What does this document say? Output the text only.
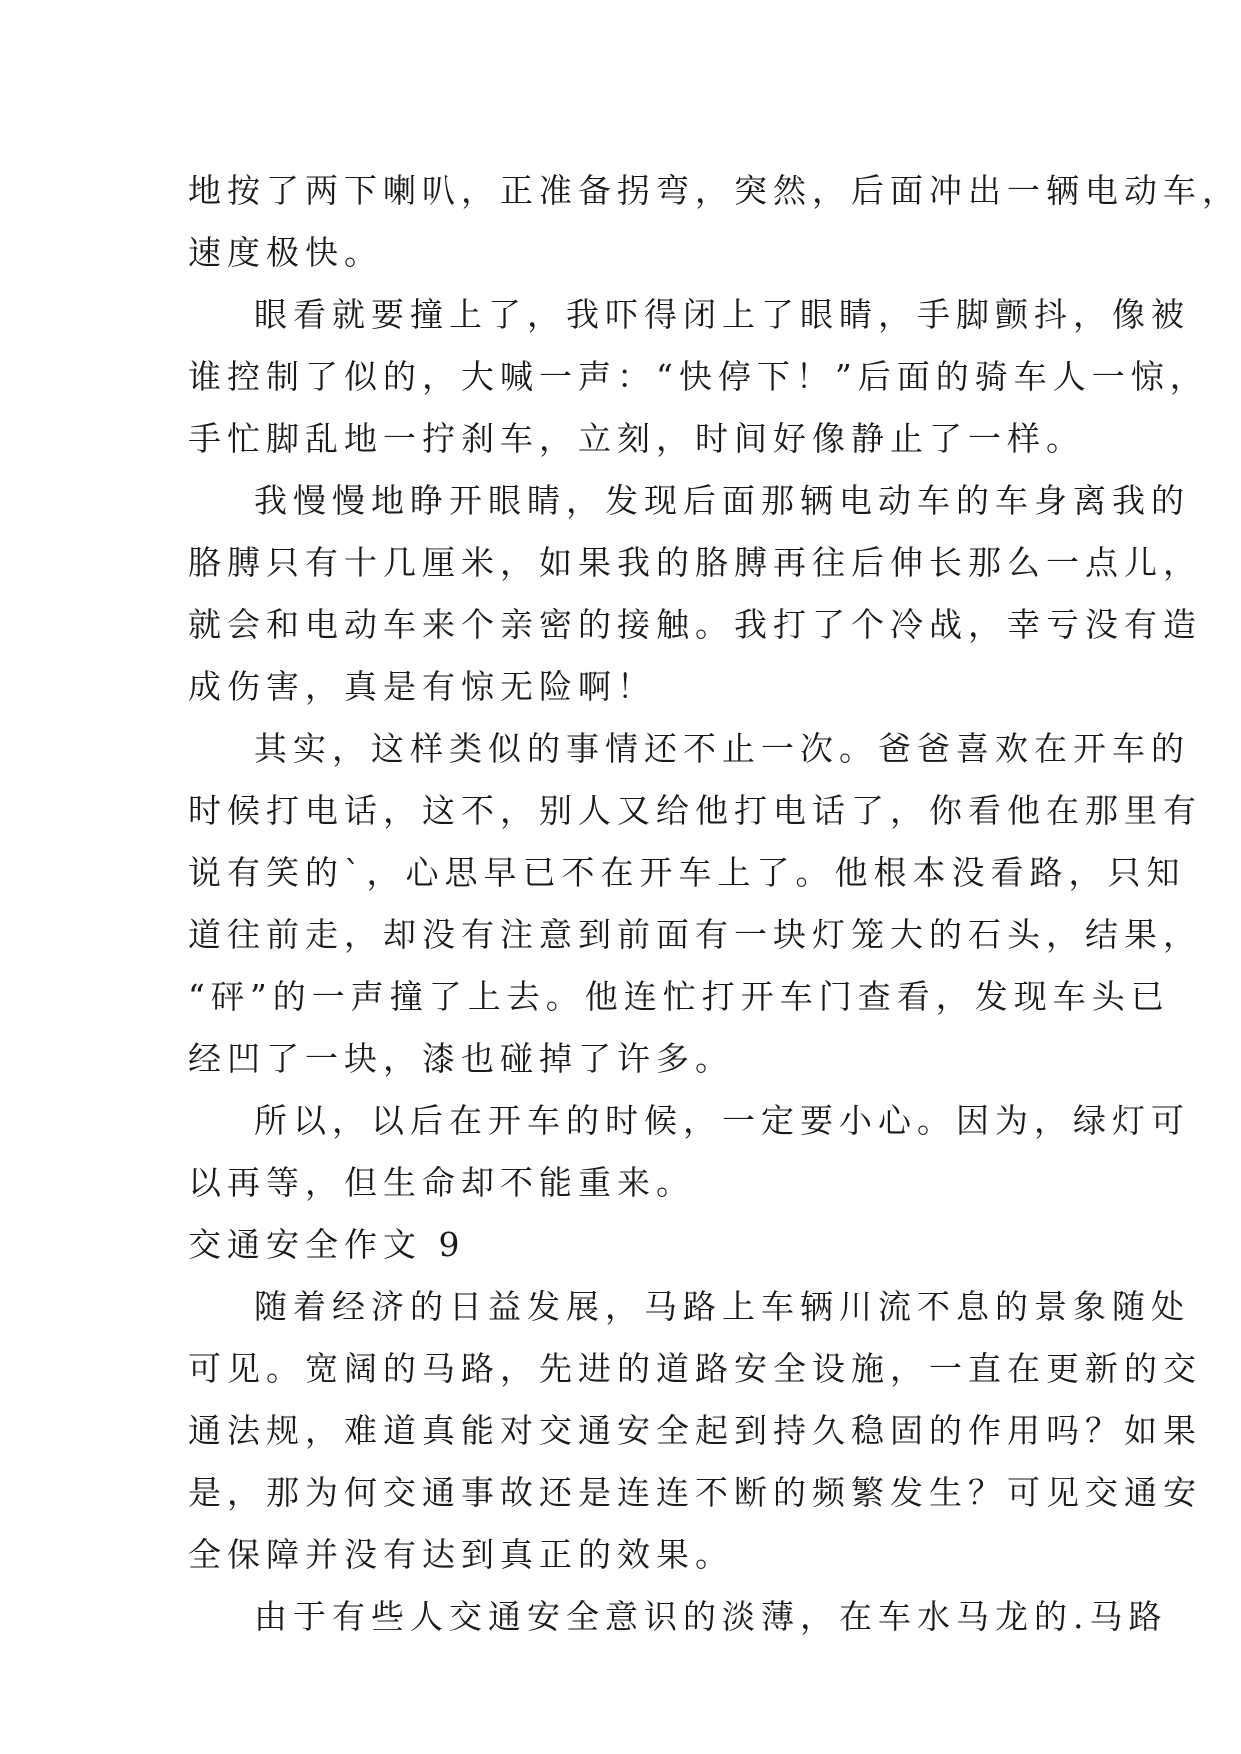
地按了两下喇叭，正准备拐弯，突然，后面冲出一辆电动车，
速度极快。
眼看就要撞上了，我吓得闭上了眼睛，手脚颤抖，像被
谁控制了似的，大喊一声：“快停下！”后面的骑车人一惊，
手忙脚乱地一拧刹车，立刻，时间好像静止了一样。
我慢慢地睁开眼睛，发现后面那辆电动车的车身离我的
胳膊只有十几厘米，如果我的胳膊再往后伸长那么一点儿，
就会和电动车来个亲密的接触。我打了个冷战，幸亏没有造
成伤害，真是有惊无险啊！
其实，这样类似的事情还不止一次。爸爸喜欢在开车的
时候打电话，这不，别人又给他打电话了，你看他在那里有
说有笑的`，心思早已不在开车上了。他根本没看路，只知
道往前走，却没有注意到前面有一块灯笼大的石头，结果，
“砰”的一声撞了上去。他连忙打开车门查看，发现车头已
经凹了一块，漆也碰掉了许多。
所以，以后在开车的时候，一定要小心。因为，绿灯可
以再等，但生命却不能重来。
交通安全作文 9
随着经济的日益发展，马路上车辆川流不息的景象随处
可见。宽阔的马路，先进的道路安全设施，一直在更新的交
通法规，难道真能对交通安全起到持久稳固的作用吗？如果
是，那为何交通事故还是连连不断的频繁发生？可见交通安
全保障并没有达到真正的效果。
由于有些人交通安全意识的淡薄，在车水马龙的.马路
